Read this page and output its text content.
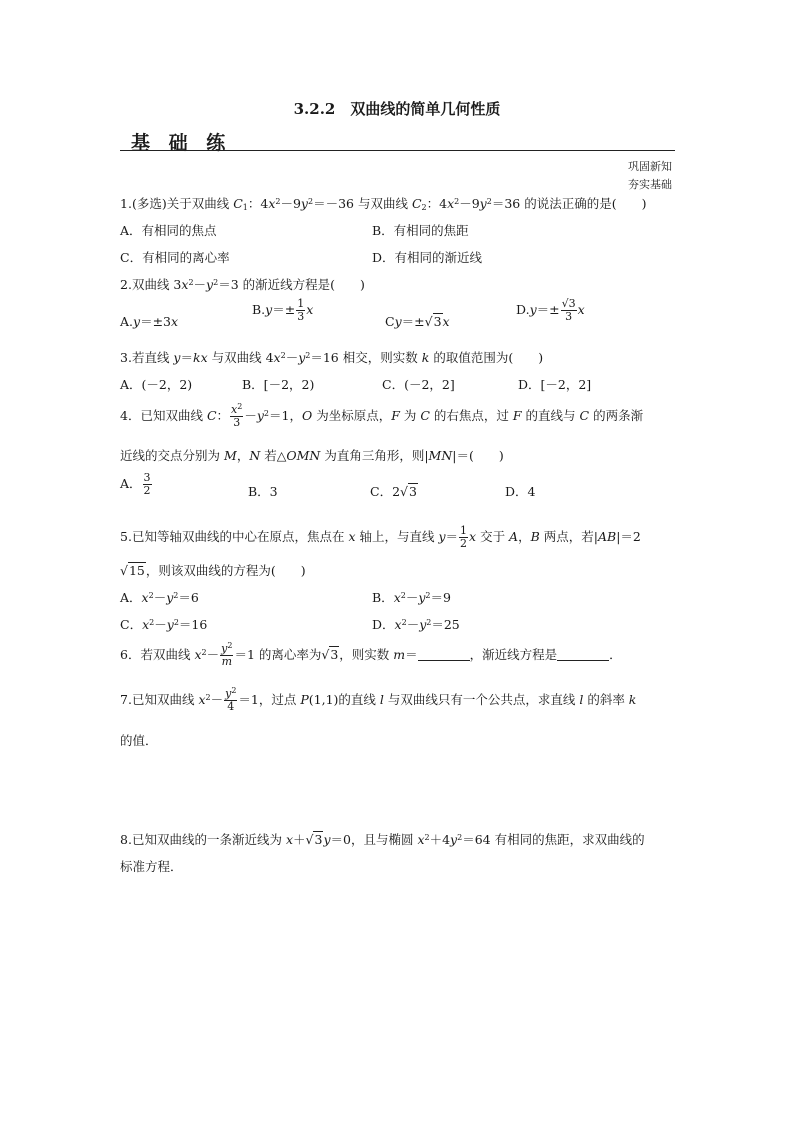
3.2.2　双曲线的简单几何性质
基 础 练
巩固新知
夯实基础
1.(多选)关于双曲线 $C_1$：$4x^2-9y^2=-36$ 与双曲线 $C_2$：$4x^2-9y^2=36$ 的说法正确的是(　　)
A．有相同的焦点	B．有相同的焦距
C．有相同的离心率	D．有相同的渐近线
2.双曲线 $3x^2-y^2=3$ 的渐近线方程是(　　)
A.y＝±3x
$B.y=\pm \frac{1}{3}$ x
Cy＝±√3x
$D.y=\pm \frac{√3}{3}$ x
3.若直线 y＝kx 与双曲线 $4x^2-y^2=16$ 相交，则实数 k 的取值范围为(　　)
A．(－2，2)	B．[－2，2)	C．(－2，2]	D．[－2，2]
4．已知双曲线 C： $\frac{x^2}{3} -y^2=1$，O 为坐标原点，F 为 C 的右焦点，过 F 的直线与 C 的两条渐
近线的交点分别为 M，N 若△OMN 为直角三角形，则|MN|＝(　　)
A． $\frac{3}{2}$	B．3	C．2√3	D．4
5.已知等轴双曲线的中心在原点，焦点在 x 轴上，与直线 $y= \frac{1}{2}$ x 交于 A，B 两点，若|AB|＝2
√15，则该双曲线的方程为(　　)
A．$x^2-y^2=6$	B．$x^2-y^2=9$
C．$x^2-y^2=16$	D．$x^2-y^2=25$
6．若双曲线 $x^2- \frac{y^2}{m} =1$ 的离心率为√3，则实数 m＝	，渐近线方程是	．
7.已知双曲线 $x^2- \frac{y^2}{4} =1$，过点 P(1,1)的直线 l 与双曲线只有一个公共点，求直线 l 的斜率 k
的值．
8.已知双曲线的一条渐近线为 x＋√3y＝0，且与椭圆 $x^2+4y^2=64$ 有相同的焦距，求双曲线的
标准方程．
